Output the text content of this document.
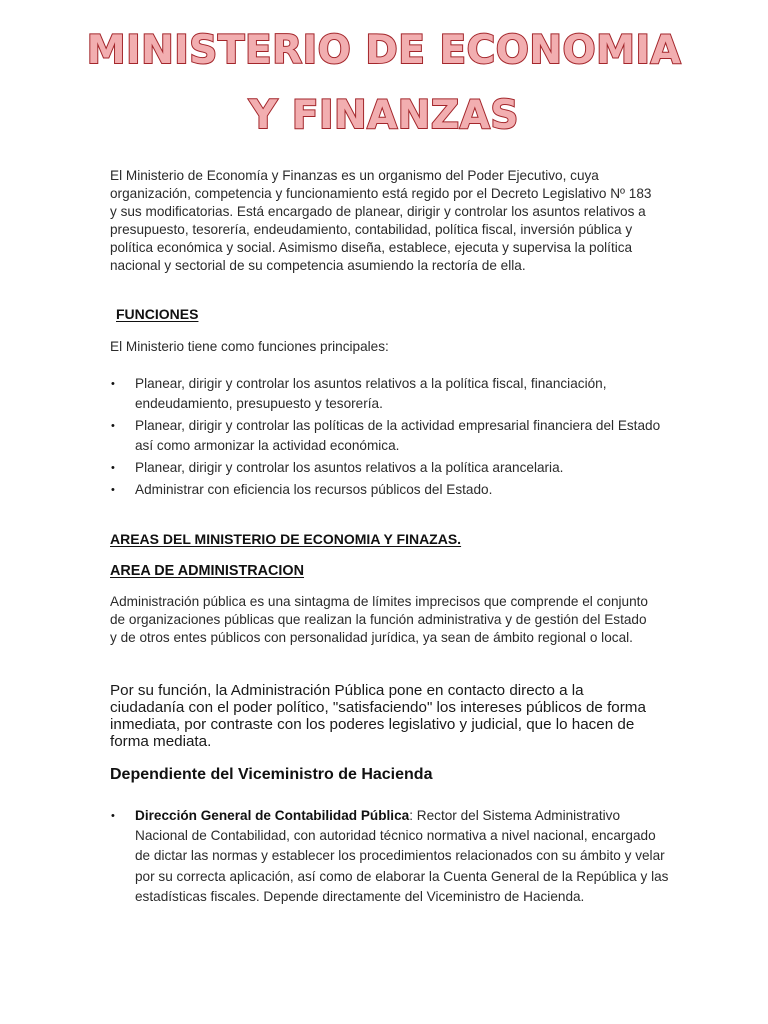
MINISTERIO DE ECONOMIA
Y FINANZAS

El Ministerio de Economía y Finanzas es un organismo del Poder Ejecutivo, cuya organización, competencia y funcionamiento está regido por el Decreto Legislativo Nº 183 y sus modificatorias. Está encargado de planear, dirigir y controlar los asuntos relativos a presupuesto, tesorería, endeudamiento, contabilidad, política fiscal, inversión pública y política económica y social. Asimismo diseña, establece, ejecuta y supervisa la política nacional y sectorial de su competencia asumiendo la rectoría de ella.

FUNCIONES

El Ministerio tiene como funciones principales:

• Planear, dirigir y controlar los asuntos relativos a la política fiscal, financiación, endeudamiento, presupuesto y tesorería.
• Planear, dirigir y controlar las políticas de la actividad empresarial financiera del Estado así como armonizar la actividad económica.
• Planear, dirigir y controlar los asuntos relativos a la política arancelaria.
• Administrar con eficiencia los recursos públicos del Estado.
AREAS DEL MINISTERIO DE ECONOMIA Y FINAZAS.
AREA DE ADMINISTRACION

Administración pública es una sintagma de límites imprecisos que comprende el conjunto de organizaciones públicas que realizan la función administrativa y de gestión del Estado y de otros entes públicos con personalidad jurídica, ya sean de ámbito regional o local.

Por su función, la Administración Pública pone en contacto directo a la ciudadanía con el poder político, "satisfaciendo" los intereses públicos de forma inmediata, por contraste con los poderes legislativo y judicial, que lo hacen de forma mediata.

Dependiente del Viceministro de Hacienda
• Dirección General de Contabilidad Pública: Rector del Sistema Administrativo Nacional de Contabilidad, con autoridad técnico normativa a nivel nacional, encargado de dictar las normas y establecer los procedimientos relacionados con su ámbito y velar por su correcta aplicación, así como de elaborar la Cuenta General de la República y las estadísticas fiscales. Depende directamente del Viceministro de Hacienda.
